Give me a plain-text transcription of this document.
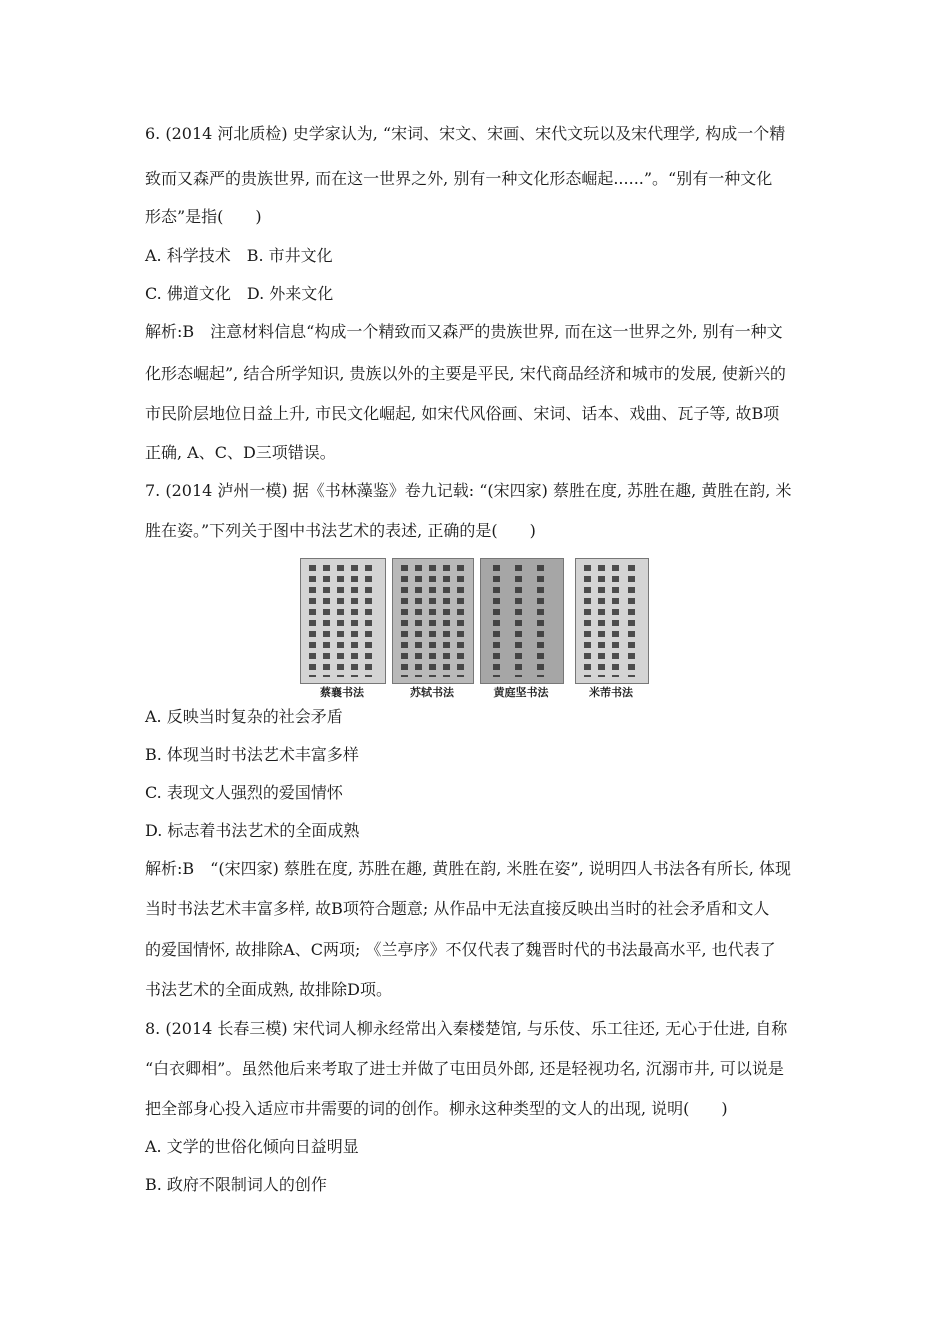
6. (2014 河北质检) 史学家认为, “宋词、宋文、宋画、宋代文玩以及宋代理学, 构成一个精
致而又森严的贵族世界, 而在这一世界之外, 别有一种文化形态崛起......”。“别有一种文化
形态”是指(　　)
A. 科学技术　B. 市井文化
C. 佛道文化　D. 外来文化
解析:B　注意材料信息“构成一个精致而又森严的贵族世界, 而在这一世界之外, 别有一种文
化形态崛起”, 结合所学知识, 贵族以外的主要是平民, 宋代商品经济和城市的发展, 使新兴的
市民阶层地位日益上升, 市民文化崛起, 如宋代风俗画、宋词、话本、戏曲、瓦子等, 故B项
正确, A、C、D三项错误。
7. (2014 泸州一模) 据《书林藻鉴》卷九记载: “(宋四家) 蔡胜在度, 苏胜在趣, 黄胜在韵, 米
胜在姿。”下列关于图中书法艺术的表述, 正确的是(　　)
蔡襄书法	苏轼书法	黄庭坚书法	米芾书法
A. 反映当时复杂的社会矛盾
B. 体现当时书法艺术丰富多样
C. 表现文人强烈的爱国情怀
D. 标志着书法艺术的全面成熟
解析:B　“(宋四家) 蔡胜在度, 苏胜在趣, 黄胜在韵, 米胜在姿”, 说明四人书法各有所长, 体现
当时书法艺术丰富多样, 故B项符合题意; 从作品中无法直接反映出当时的社会矛盾和文人
的爱国情怀, 故排除A、C两项; 《兰亭序》不仅代表了魏晋时代的书法最高水平, 也代表了
书法艺术的全面成熟, 故排除D项。
8. (2014 长春三模) 宋代词人柳永经常出入秦楼楚馆, 与乐伎、乐工往还, 无心于仕进, 自称
“白衣卿相”。虽然他后来考取了进士并做了屯田员外郎, 还是轻视功名, 沉溺市井, 可以说是
把全部身心投入适应市井需要的词的创作。柳永这种类型的文人的出现, 说明(　　)
A. 文学的世俗化倾向日益明显
B. 政府不限制词人的创作
